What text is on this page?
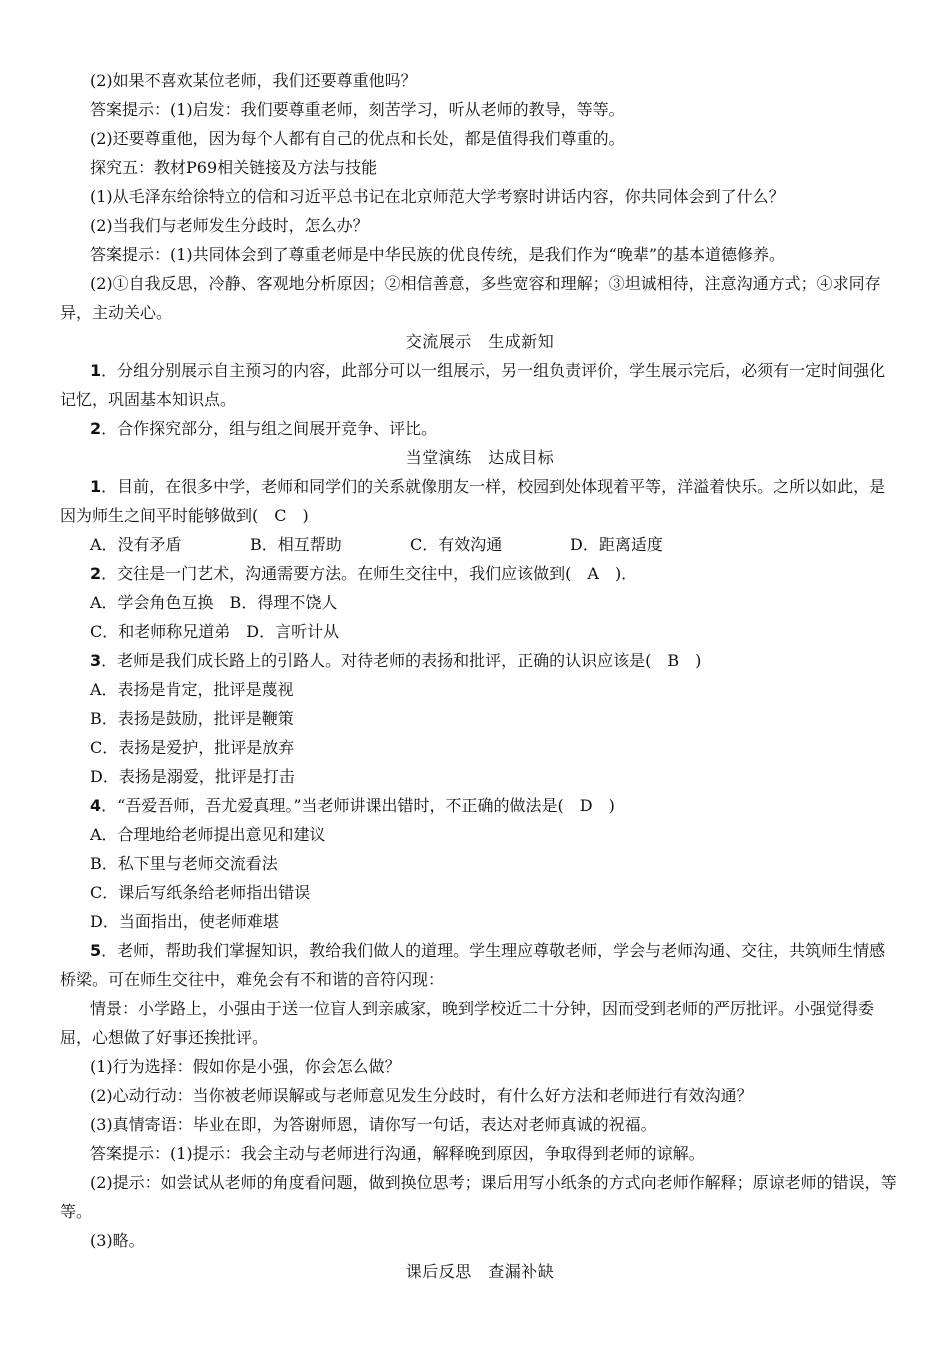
(2)如果不喜欢某位老师，我们还要尊重他吗？
答案提示：(1)启发：我们要尊重老师，刻苦学习，听从老师的教导，等等。
(2)还要尊重他，因为每个人都有自己的优点和长处，都是值得我们尊重的。
探究五：教材P69相关链接及方法与技能
(1)从毛泽东给徐特立的信和习近平总书记在北京师范大学考察时讲话内容，你共同体会到了什么？
(2)当我们与老师发生分歧时，怎么办？
答案提示：(1)共同体会到了尊重老师是中华民族的优良传统，是我们作为“晚辈”的基本道德修养。
(2)①自我反思，冷静、客观地分析原因；②相信善意，多些宽容和理解；③坦诚相待，注意沟通方式；④求同存异，主动关心。
交流展示　生成新知
1．分组分别展示自主预习的内容，此部分可以一组展示，另一组负责评价，学生展示完后，必须有一定时间强化记忆，巩固基本知识点。
2．合作探究部分，组与组之间展开竞争、评比。
当堂演练　达成目标
1．目前，在很多中学，老师和同学们的关系就像朋友一样，校园到处体现着平等，洋溢着快乐。之所以如此，是因为师生之间平时能够做到(　C　)
A．没有矛盾	B．相互帮助	C．有效沟通	D．距离适度
2．交往是一门艺术，沟通需要方法。在师生交往中，我们应该做到(　A　)．
A．学会角色互换　B．得理不饶人
C．和老师称兄道弟　D．言听计从
3．老师是我们成长路上的引路人。对待老师的表扬和批评，正确的认识应该是(　B　)
A．表扬是肯定，批评是蔑视
B．表扬是鼓励，批评是鞭策
C．表扬是爱护，批评是放弃
D．表扬是溺爱，批评是打击
4．“吾爱吾师，吾尤爱真理。”当老师讲课出错时，不正确的做法是(　D　)
A．合理地给老师提出意见和建议
B．私下里与老师交流看法
C．课后写纸条给老师指出错误
D．当面指出，使老师难堪
5．老师，帮助我们掌握知识，教给我们做人的道理。学生理应尊敬老师，学会与老师沟通、交往，共筑师生情感桥梁。可在师生交往中，难免会有不和谐的音符闪现：
情景：小学路上，小强由于送一位盲人到亲戚家，晚到学校近二十分钟，因而受到老师的严厉批评。小强觉得委屈，心想做了好事还挨批评。
(1)行为选择：假如你是小强，你会怎么做？
(2)心动行动：当你被老师误解或与老师意见发生分歧时，有什么好方法和老师进行有效沟通？
(3)真情寄语：毕业在即，为答谢师恩，请你写一句话，表达对老师真诚的祝福。
答案提示：(1)提示：我会主动与老师进行沟通，解释晚到原因，争取得到老师的谅解。
(2)提示：如尝试从老师的角度看问题，做到换位思考；课后用写小纸条的方式向老师作解释；原谅老师的错误，等等。
(3)略。
课后反思　查漏补缺
